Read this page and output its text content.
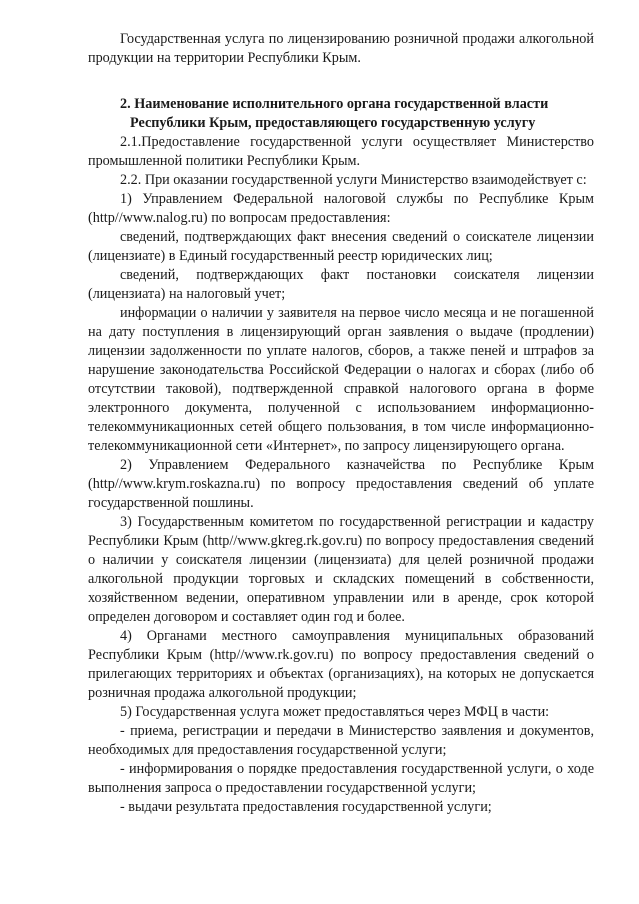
Государственная услуга по лицензированию розничной продажи алкогольной продукции на территории Республики Крым.

2. Наименование исполнительного органа государственной власти
Республики Крым, предоставляющего государственную услугу

2.1.Предоставление государственной услуги осуществляет Министерство промышленной политики Республики Крым.

2.2. При оказании государственной услуги Министерство взаимодействует с:

1) Управлением Федеральной налоговой службы по Республике Крым (http//www.nalog.ru) по вопросам предоставления:

сведений, подтверждающих факт внесения сведений о соискателе лицензии (лицензиате) в Единый государственный реестр юридических лиц;

сведений, подтверждающих факт постановки соискателя лицензии (лицензиата) на налоговый учет;

информации о наличии у заявителя на первое число месяца и не погашенной на дату поступления в лицензирующий орган заявления о выдаче (продлении) лицензии задолженности по уплате налогов, сборов, а также пеней и штрафов за нарушение законодательства Российской Федерации о налогах и сборах (либо об отсутствии таковой), подтвержденной справкой налогового органа в форме электронного документа, полученной с использованием информационно-телекоммуникационных сетей общего пользования, в том числе информационно-телекоммуникационной сети «Интернет», по запросу лицензирующего органа.

2) Управлением Федерального казначейства по Республике Крым (http//www.krym.roskazna.ru) по вопросу предоставления сведений об уплате государственной пошлины.

3) Государственным комитетом по государственной регистрации и кадастру Республики Крым (http//www.gkreg.rk.gov.ru) по вопросу предоставления сведений о наличии у соискателя лицензии (лицензиата) для целей розничной продажи алкогольной продукции торговых и складских помещений в собственности, хозяйственном ведении, оперативном управлении или в аренде, срок которой определен договором и составляет один год и более.

4) Органами местного самоуправления муниципальных образований Республики Крым (http//www.rk.gov.ru) по вопросу предоставления сведений о прилегающих территориях и объектах (организациях), на которых не допускается розничная продажа алкогольной продукции;

5) Государственная услуга может предоставляться через МФЦ в части:

- приема, регистрации и передачи в Министерство заявления и документов, необходимых для предоставления государственной услуги;

- информирования о порядке предоставления государственной услуги, о ходе выполнения запроса о предоставлении государственной услуги;

- выдачи результата предоставления государственной услуги;
